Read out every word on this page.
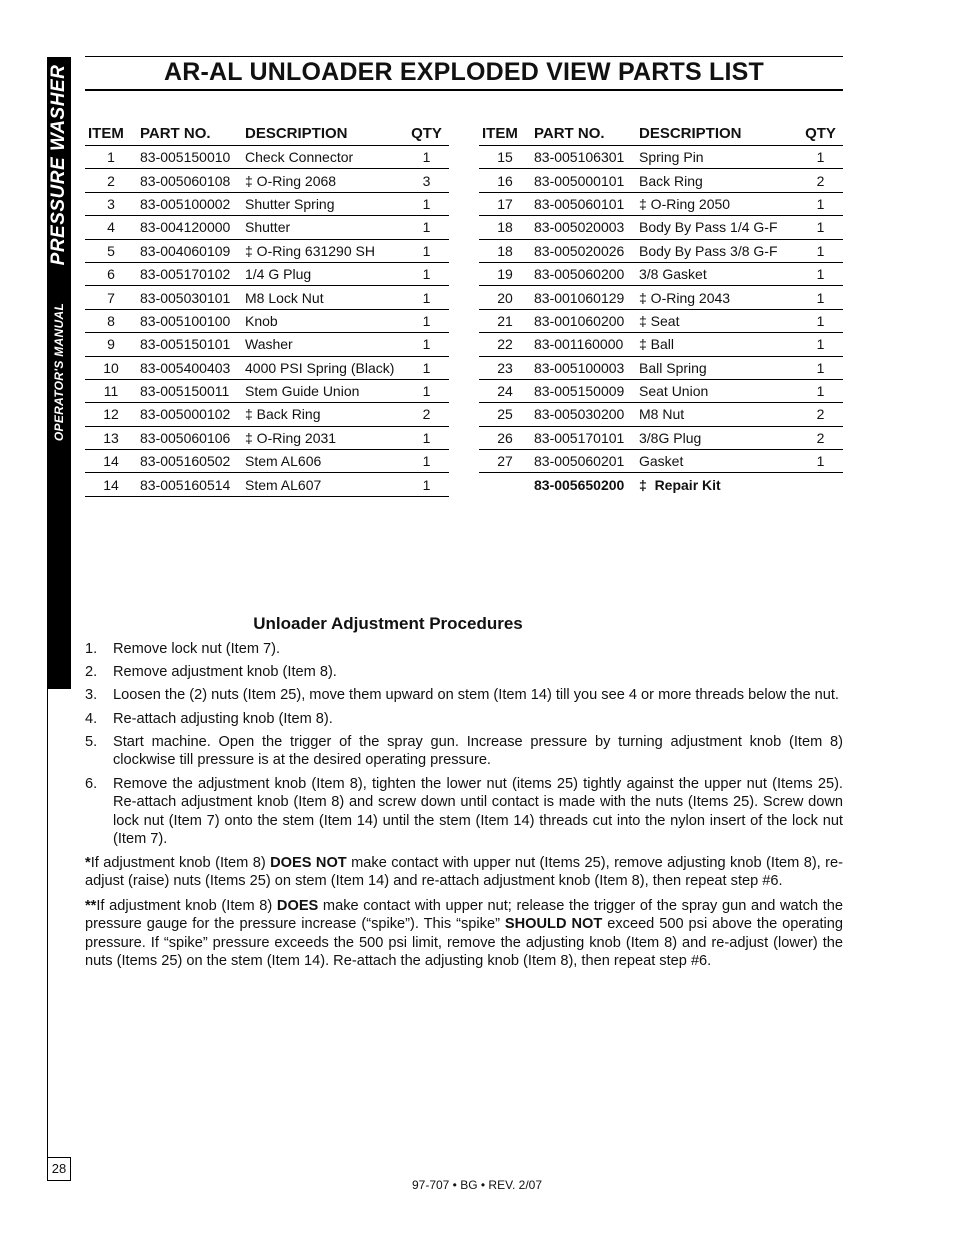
PRESSURE WASHER
OPERATOR'S MANUAL
28
AR-AL UNLOADER EXPLODED VIEW PARTS LIST
ITEM	PART NO.	DESCRIPTION	QTY
1	83-005150010	Check Connector	1
2	83-005060108	‡ O-Ring 2068	3
3	83-005100002	Shutter Spring	1
4	83-004120000	Shutter	1
5	83-004060109	‡ O-Ring 631290 SH	1
6	83-005170102	1/4 G Plug	1
7	83-005030101	M8 Lock Nut	1
8	83-005100100	Knob	1
9	83-005150101	Washer	1
10	83-005400403	4000 PSI Spring (Black)	1
11	83-005150011	Stem Guide Union	1
12	83-005000102	‡ Back Ring	2
13	83-005060106	‡ O-Ring 2031	1
14	83-005160502	Stem AL606	1
14	83-005160514	Stem AL607	1
ITEM	PART NO.	DESCRIPTION	QTY
15	83-005106301	Spring Pin	1
16	83-005000101	Back Ring	2
17	83-005060101	‡ O-Ring 2050	1
18	83-005020003	Body By Pass 1/4 G-F	1
18	83-005020026	Body By Pass 3/8 G-F	1
19	83-005060200	3/8 Gasket	1
20	83-001060129	‡ O-Ring 2043	1
21	83-001060200	‡ Seat	1
22	83-001160000	‡ Ball	1
23	83-005100003	Ball Spring	1
24	83-005150009	Seat Union	1
25	83-005030200	M8 Nut	2
26	83-005170101	3/8G Plug	2
27	83-005060201	Gasket	1
	83-005650200	‡  Repair Kit	
Unloader Adjustment Procedures
1.	Remove lock nut (Item 7).
2.	Remove adjustment knob (Item 8).
3.	Loosen the (2) nuts (Item 25), move them upward on stem (Item 14) till you see 4 or more threads below the nut.
4.	Re-attach adjusting knob (Item 8).
5.	Start machine. Open the trigger of the spray gun. Increase pressure by turning adjustment knob (Item 8) clockwise till pressure is at the desired operating pressure.
6.	Remove the adjustment knob (Item 8), tighten the lower nut (items 25) tightly against the upper nut (Items 25). Re-attach adjustment knob (Item 8) and screw down until contact is made with the nuts (Items 25). Screw down lock nut (Item 7) onto the stem (Item 14) until the stem (Item 14) threads cut into the nylon insert of the lock nut (Item 7).
*If adjustment knob (Item 8) DOES NOT make contact with upper nut (Items 25), remove adjusting knob (Item 8), re-adjust (raise) nuts (Items 25) on stem (Item 14) and re-attach adjustment knob (Item 8), then repeat step #6.
**If adjustment knob (Item 8) DOES make contact with upper nut; release the trigger of the spray gun and watch the pressure gauge for the pressure increase (“spike”). This “spike” SHOULD NOT exceed 500 psi above the operating pressure. If “spike” pressure exceeds the 500 psi limit, remove the adjusting knob (Item 8) and re-adjust (lower) the nuts (Items 25) on the stem (Item 14). Re-attach the adjusting knob (Item 8), then repeat step #6.
97-707 • BG • REV. 2/07
